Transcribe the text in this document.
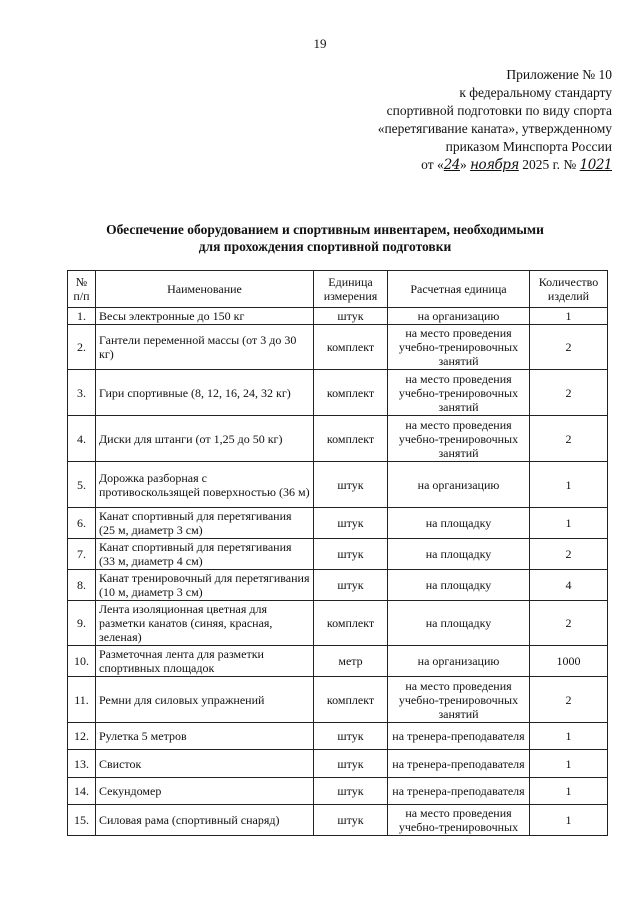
19
Приложение № 10
к федеральному стандарту
спортивной подготовки по виду спорта
«перетягивание каната», утвержденному
приказом Минспорта России
от «24» ноября 2025 г. № 1021
Обеспечение оборудованием и спортивным инвентарем, необходимыми
для прохождения спортивной подготовки
№ п/п	Наименование	Единица измерения	Расчетная единица	Количество изделий
1.	Весы электронные до 150 кг	штук	на организацию	1
2.	Гантели переменной массы (от 3 до 30 кг)	комплект	на место проведения учебно-тренировочных занятий	2
3.	Гири спортивные (8, 12, 16, 24, 32 кг)	комплект	на место проведения учебно-тренировочных занятий	2
4.	Диски для штанги (от 1,25 до 50 кг)	комплект	на место проведения учебно-тренировочных занятий	2
5.	Дорожка разборная с противоскользящей поверхностью (36 м)	штук	на организацию	1
6.	Канат спортивный для перетягивания (25 м, диаметр 3 см)	штук	на площадку	1
7.	Канат спортивный для перетягивания (33 м, диаметр 4 см)	штук	на площадку	2
8.	Канат тренировочный для перетягивания (10 м, диаметр 3 см)	штук	на площадку	4
9.	Лента изоляционная цветная для разметки канатов (синяя, красная, зеленая)	комплект	на площадку	2
10.	Разметочная лента для разметки спортивных площадок	метр	на организацию	1000
11.	Ремни для силовых упражнений	комплект	на место проведения учебно-тренировочных занятий	2
12.	Рулетка 5 метров	штук	на тренера-преподавателя	1
13.	Свисток	штук	на тренера-преподавателя	1
14.	Секундомер	штук	на тренера-преподавателя	1
15.	Силовая рама (спортивный снаряд)	штук	на место проведения учебно-тренировочных	1
